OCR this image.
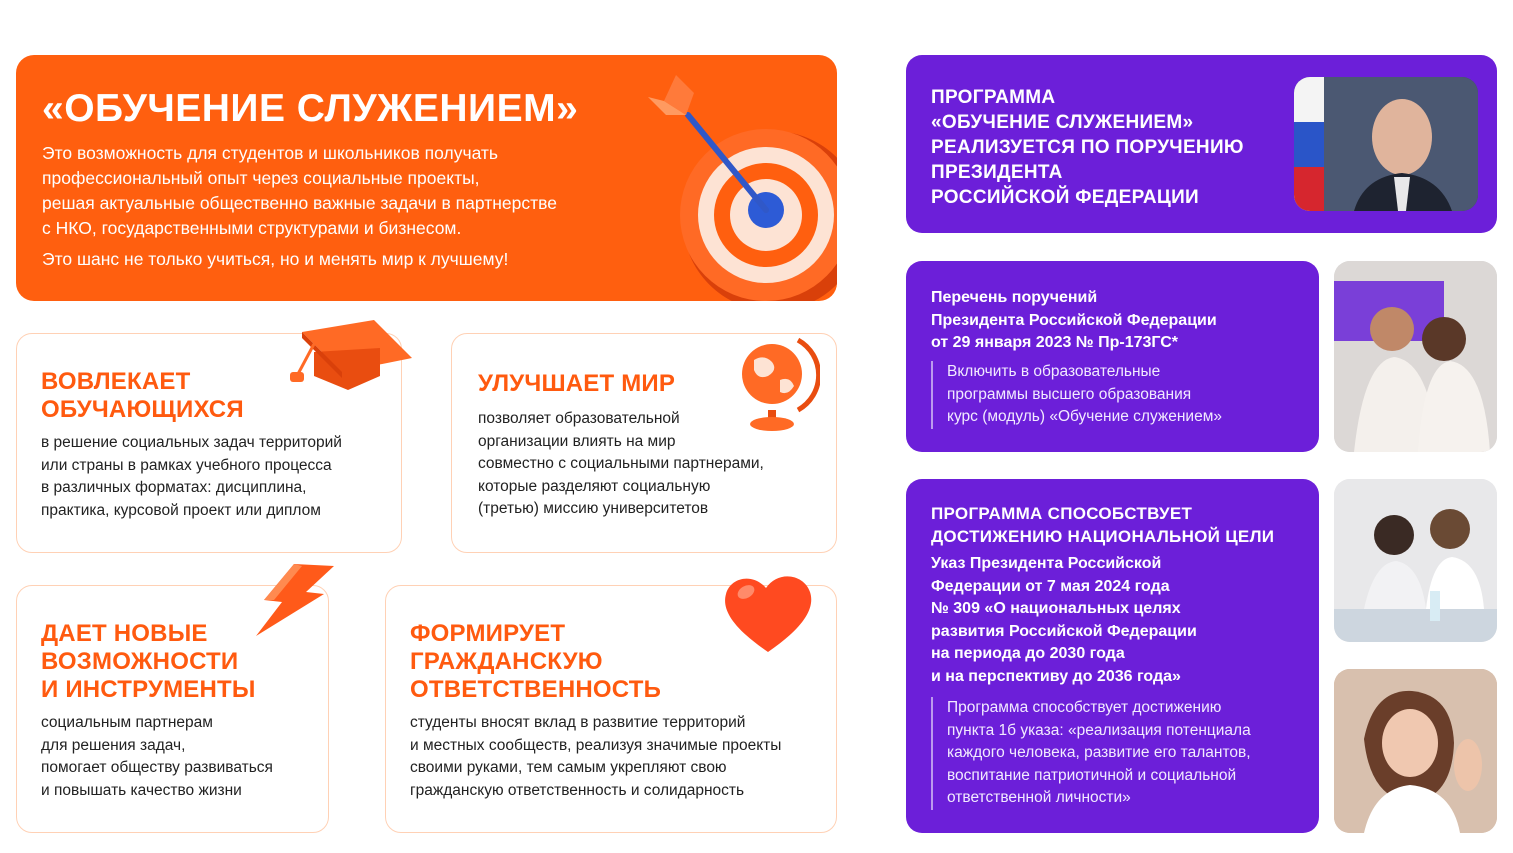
«ОБУЧЕНИЕ СЛУЖЕНИЕМ»
Это возможность для студентов и школьников получать
профессиональный опыт через социальные проекты,
решая актуальные общественно важные задачи в партнерстве
с НКО, государственными структурами и бизнесом.
Это шанс не только учиться, но и менять мир к лучшему!
ВОВЛЕКАЕТ
ОБУЧАЮЩИХСЯ
в решение социальных задач территорий
или страны в рамках учебного процесса
в различных форматах: дисциплина,
практика, курсовой проект или диплом
УЛУЧШАЕТ МИР
позволяет образовательной
организации влиять на мир
совместно с социальными партнерами,
которые разделяют социальную
(третью) миссию университетов
ДАЕТ НОВЫЕ
ВОЗМОЖНОСТИ
И ИНСТРУМЕНТЫ
социальным партнерам
для решения задач,
помогает обществу развиваться
и повышать качество жизни
ФОРМИРУЕТ
ГРАЖДАНСКУЮ
ОТВЕТСТВЕННОСТЬ
студенты вносят вклад в развитие территорий
и местных сообществ, реализуя значимые проекты
своими руками, тем самым укрепляют свою
гражданскую ответственность и солидарность
ПРОГРАММА
«ОБУЧЕНИЕ СЛУЖЕНИЕМ»
РЕАЛИЗУЕТСЯ ПО ПОРУЧЕНИЮ
ПРЕЗИДЕНТА
РОССИЙСКОЙ ФЕДЕРАЦИИ
Перечень поручений
Президента Российской Федерации
от 29 января 2023 № Пр-173ГС*
Включить в образовательные
программы высшего образования
курс (модуль) «Обучение служением»
ПРОГРАММА СПОСОБСТВУЕТ
ДОСТИЖЕНИЮ НАЦИОНАЛЬНОЙ ЦЕЛИ
Указ Президента Российской
Федерации от 7 мая 2024 года
№ 309 «О национальных целях
развития Российской Федерации
на периода до 2030 года
и на перспективу до 2036 года»
Программа способствует достижению
пункта 1б указа: «реализация потенциала
каждого человека, развитие его талантов,
воспитание патриотичной и социальной
ответственной личности»
